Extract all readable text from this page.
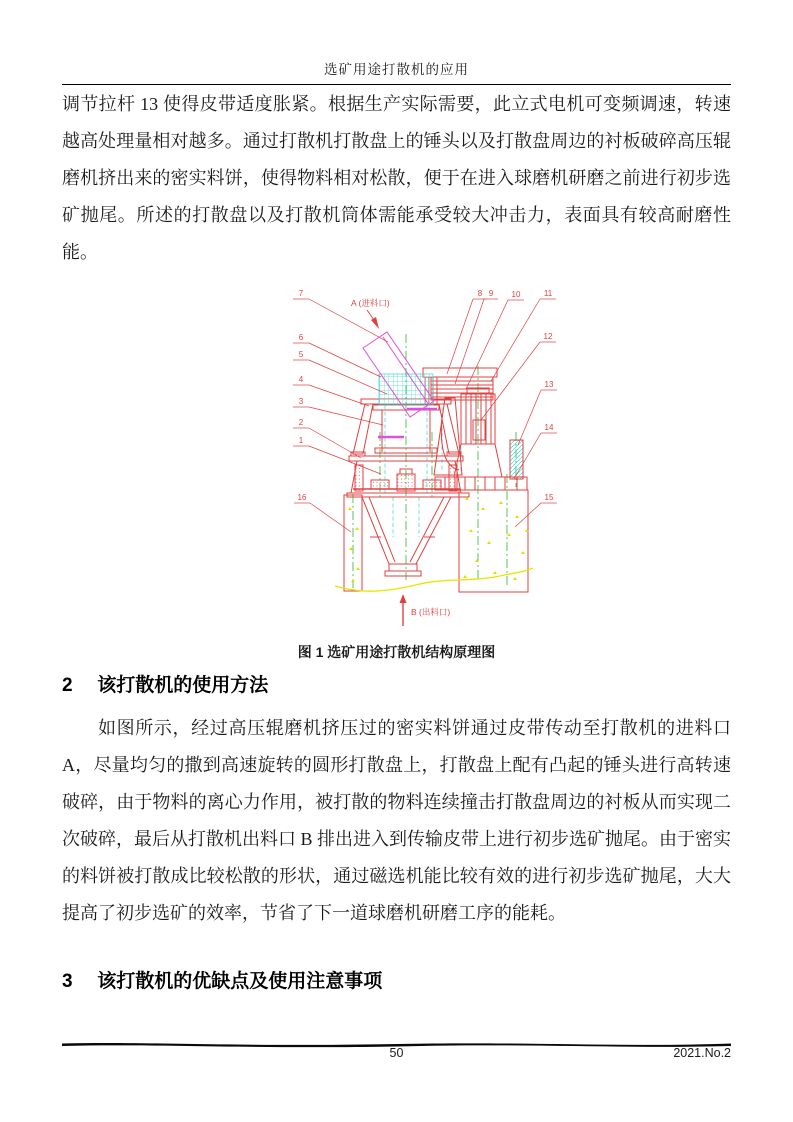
选矿用途打散机的应用
调节拉杆 13 使得皮带适度胀紧。根据生产实际需要，此立式电机可变频调速，转速越高处理量相对越多。通过打散机打散盘上的锤头以及打散盘周边的衬板破碎高压辊磨机挤出来的密实料饼，使得物料相对松散，便于在进入球磨机研磨之前进行初步选矿抛尾。所述的打散盘以及打散机筒体需能承受较大冲击力，表面具有较高耐磨性能。
7
6
5
4
3
2
1
16
8 9 10	11
12
13
14
15
A (进料口)
B (出料口)
图 1 选矿用途打散机结构原理图
2 该打散机的使用方法
如图所示，经过高压辊磨机挤压过的密实料饼通过皮带传动至打散机的进料口 A，尽量均匀的撒到高速旋转的圆形打散盘上，打散盘上配有凸起的锤头进行高转速破碎，由于物料的离心力作用，被打散的物料连续撞击打散盘周边的衬板从而实现二次破碎，最后从打散机出料口 B 排出进入到传输皮带上进行初步选矿抛尾。由于密实的料饼被打散成比较松散的形状，通过磁选机能比较有效的进行初步选矿抛尾，大大提高了初步选矿的效率，节省了下一道球磨机研磨工序的能耗。
3 该打散机的优缺点及使用注意事项
50	2021.No.2
